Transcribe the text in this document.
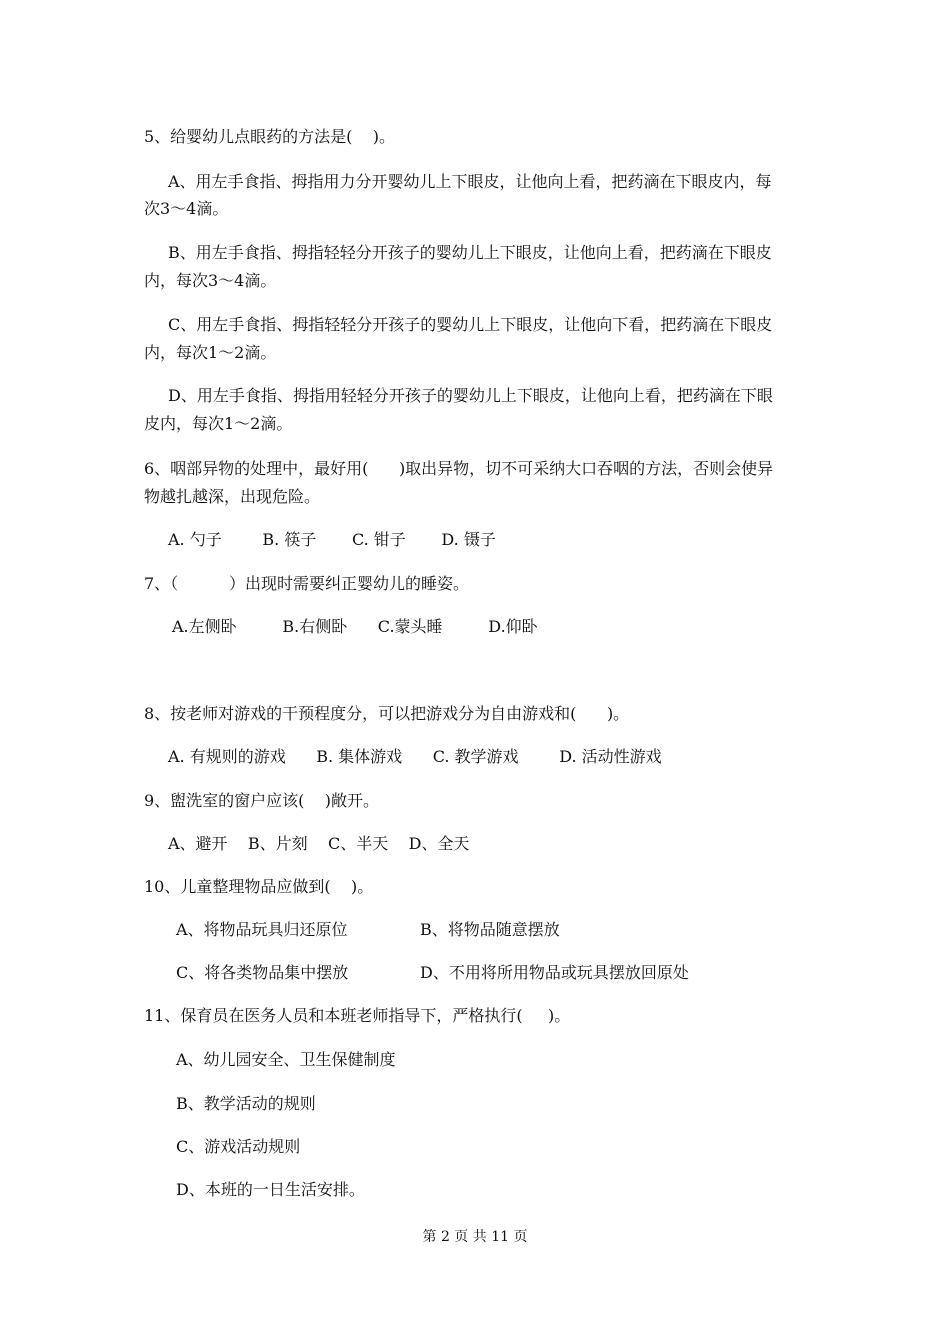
5、给婴幼儿点眼药的方法是(    )。
A、用左手食指、拇指用力分开婴幼儿上下眼皮，让他向上看，把药滴在下眼皮内，每
次3～4滴。
B、用左手食指、拇指轻轻分开孩子的婴幼儿上下眼皮，让他向上看，把药滴在下眼皮
内，每次3～4滴。
C、用左手食指、拇指轻轻分开孩子的婴幼儿上下眼皮，让他向下看，把药滴在下眼皮
内，每次1～2滴。
D、用左手食指、拇指用轻轻分开孩子的婴幼儿上下眼皮，让他向上看，把药滴在下眼
皮内，每次1～2滴。
6、咽部异物的处理中，最好用(      )取出异物，切不可采纳大口吞咽的方法，否则会使异
物越扎越深，出现危险。
A. 勺子        B. 筷子       C. 钳子       D. 镊子
7、（          ）出现时需要纠正婴幼儿的睡姿。
A.左侧卧         B.右侧卧      C.蒙头睡         D.仰卧
8、按老师对游戏的干预程度分，可以把游戏分为自由游戏和(      )。
A. 有规则的游戏      B. 集体游戏      C. 教学游戏        D. 活动性游戏
9、盥洗室的窗户应该(    )敞开。
A、避开    B、片刻    C、半天    D、全天
10、儿童整理物品应做到(    )。
A、将物品玩具归还原位	B、将物品随意摆放
C、将各类物品集中摆放	D、不用将所用物品或玩具摆放回原处
11、保育员在医务人员和本班老师指导下，严格执行(     )。
A、幼儿园安全、卫生保健制度
B、教学活动的规则
C、游戏活动规则
D、本班的一日生活安排。
第 2 页 共 11 页
